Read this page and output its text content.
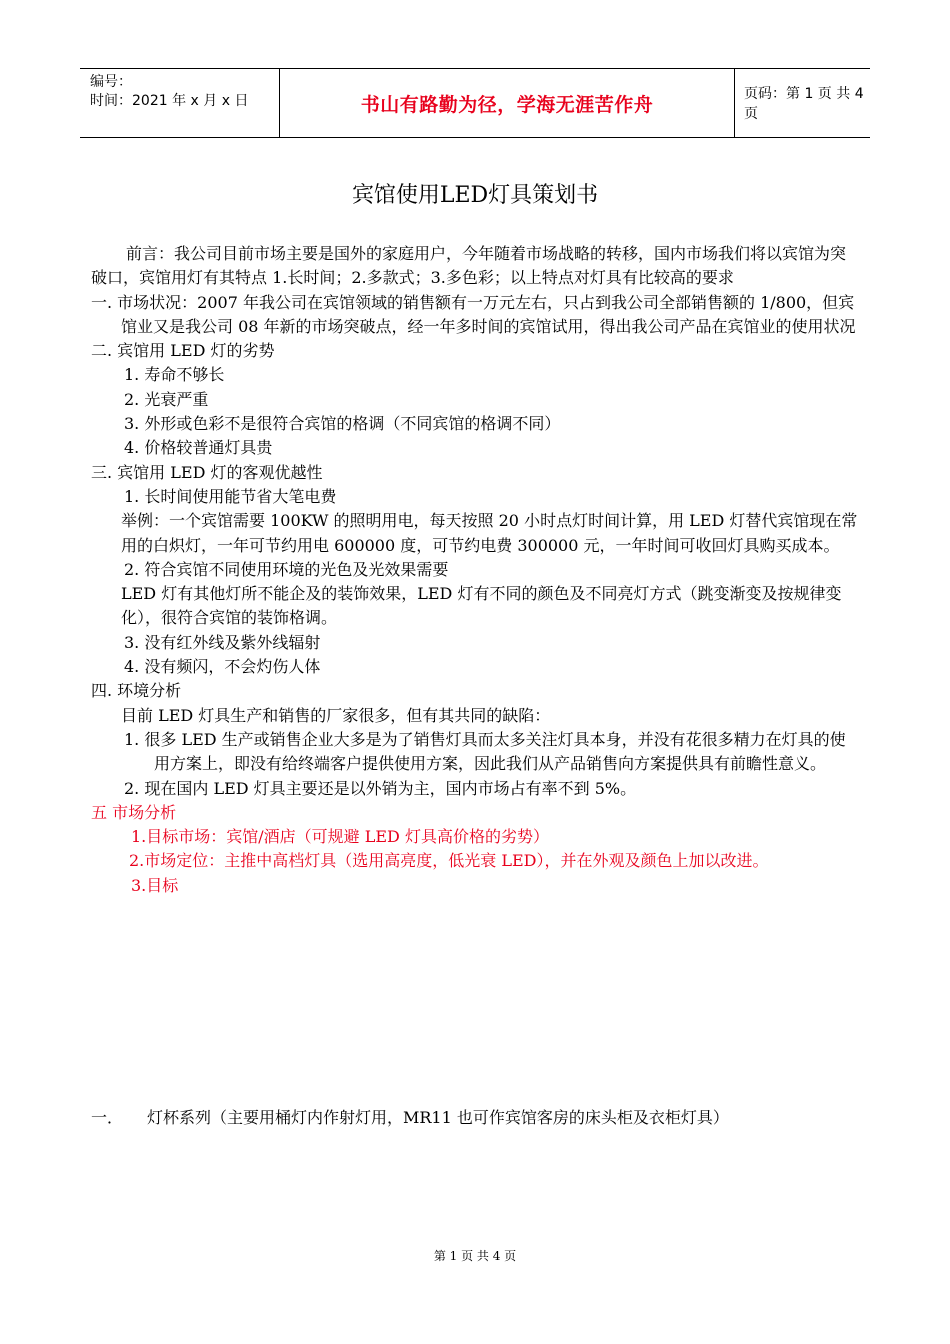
编号：
时间：2021 年 x 月 x 日	书山有路勤为径，学海无涯苦作舟	页码：第 1 页 共 4 页
宾馆使用LED灯具策划书

前言：我公司目前市场主要是国外的家庭用户，今年随着市场战略的转移，国内市场我们将以宾馆为突破口，宾馆用灯有其特点 1.长时间；2.多款式；3.多色彩；以上特点对灯具有比较高的要求

一. 市场状况：2007 年我公司在宾馆领域的销售额有一万元左右，只占到我公司全部销售额的 1/800，但宾馆业又是我公司 08 年新的市场突破点，经一年多时间的宾馆试用，得出我公司产品在宾馆业的使用状况

二. 宾馆用 LED 灯的劣势

1. 寿命不够长

2. 光衰严重

3. 外形或色彩不是很符合宾馆的格调（不同宾馆的格调不同）

4. 价格较普通灯具贵

三. 宾馆用 LED 灯的客观优越性

1. 长时间使用能节省大笔电费

举例：一个宾馆需要 100KW 的照明用电，每天按照 20 小时点灯时间计算，用 LED 灯替代宾馆现在常用的白炽灯，一年可节约用电 600000 度，可节约电费 300000 元，一年时间可收回灯具购买成本。

2. 符合宾馆不同使用环境的光色及光效果需要

LED 灯有其他灯所不能企及的装饰效果，LED 灯有不同的颜色及不同亮灯方式（跳变渐变及按规律变化），很符合宾馆的装饰格调。

3. 没有红外线及紫外线辐射

4. 没有频闪，不会灼伤人体

四. 环境分析

目前 LED 灯具生产和销售的厂家很多，但有其共同的缺陷：

1. 很多 LED 生产或销售企业大多是为了销售灯具而太多关注灯具本身，并没有花很多精力在灯具的使用方案上，即没有给终端客户提供使用方案，因此我们从产品销售向方案提供具有前瞻性意义。

2. 现在国内 LED 灯具主要还是以外销为主，国内市场占有率不到 5%。

五 市场分析

1.目标市场：宾馆/酒店（可规避 LED 灯具高价格的劣势）

2.市场定位：主推中高档灯具（选用高亮度，低光衰 LED），并在外观及颜色上加以改进。

3.目标

一． 灯杯系列（主要用桶灯内作射灯用，MR11 也可作宾馆客房的床头柜及衣柜灯具）
第 1 页 共 4 页
